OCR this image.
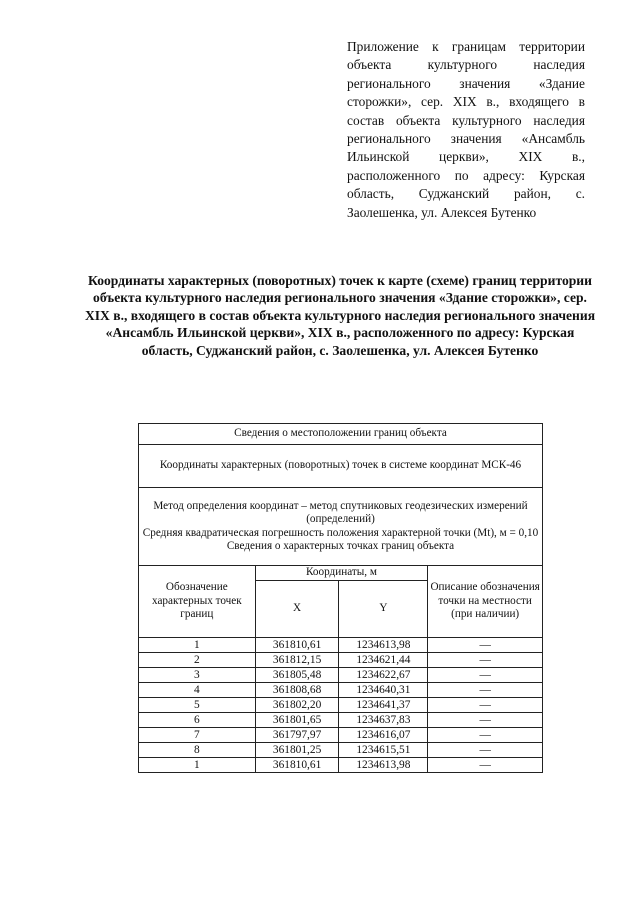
Приложение к границам территории объекта культурного наследия регионального значения «Здание сторожки», сер. XIX в., входящего в состав объекта культурного наследия регионального значения «Ансамбль Ильинской церкви», XIX в., расположенного по адресу: Курская область, Суджанский район, с. Заолешенка, ул. Алексея Бутенко

Координаты характерных (поворотных) точек к карте (схеме) границ территории объекта культурного наследия регионального значения «Здание сторожки», сер. XIX в., входящего в состав объекта культурного наследия регионального значения «Ансамбль Ильинской церкви», XIX в., расположенного по адресу: Курская область, Суджанский район, с. Заолешенка, ул. Алексея Бутенко

Сведения о местоположении границ объекта			
Координаты характерных (поворотных) точек в системе координат МСК-46			

Метод определения координат – метод спутниковых геодезических измерений (определений)
Средняя квадратическая погрешность положения характерной точки (Mt), м = 0,10
Сведения о характерных точках границ объекта			

Обозначение характерных точек границ	Координаты, м		Описание обозначения точки на местности (при наличии)
	X	Y	
1	361810,61	1234613,98	—
2	361812,15	1234621,44	—
3	361805,48	1234622,67	—
4	361808,68	1234640,31	—
5	361802,20	1234641,37	—
6	361801,65	1234637,83	—
7	361797,97	1234616,07	—
8	361801,25	1234615,51	—
1	361810,61	1234613,98	—
